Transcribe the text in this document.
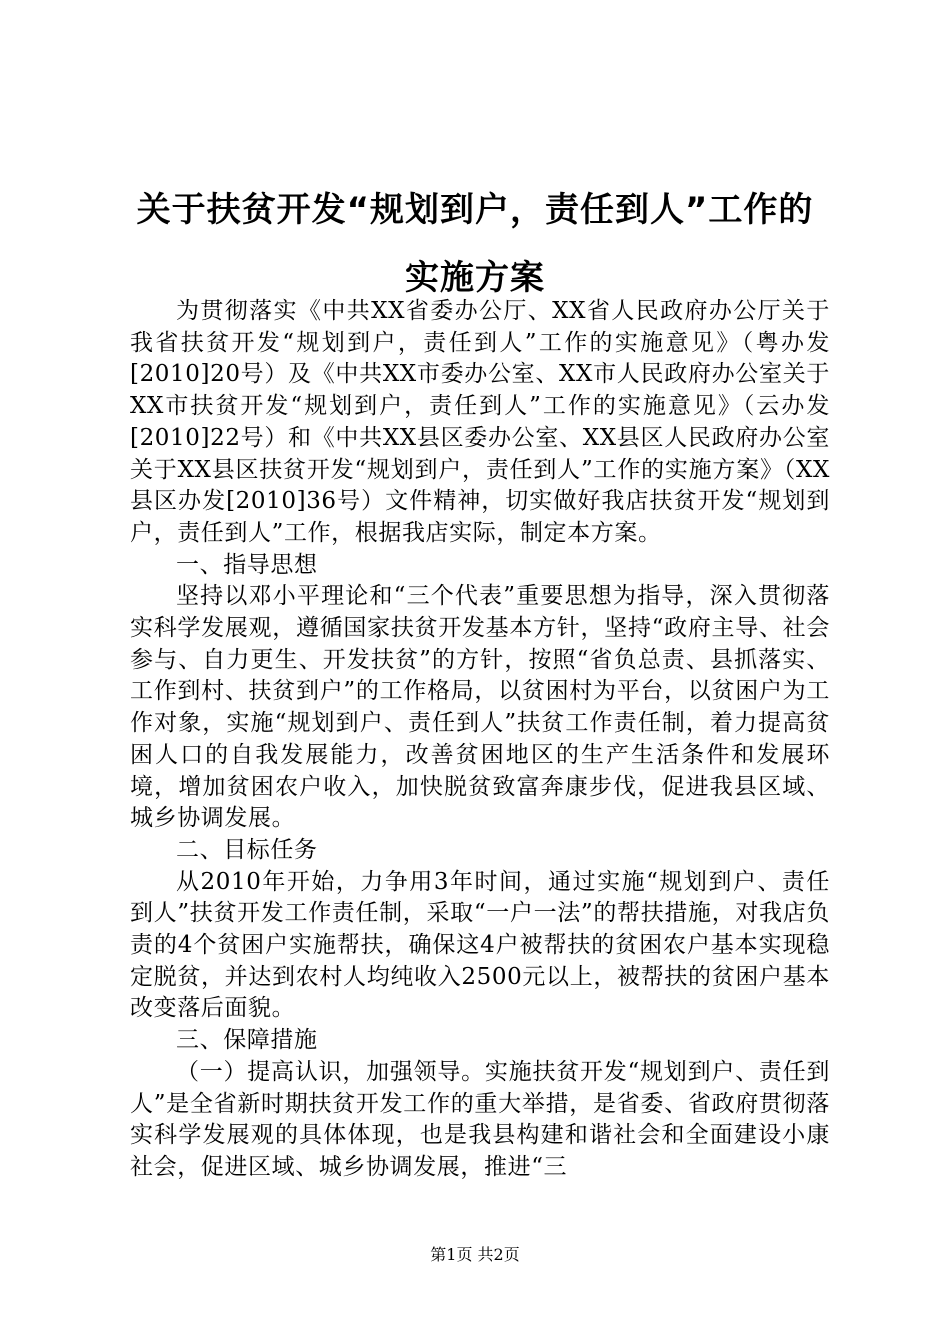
关于扶贫开发“规划到户，责任到人”工作的
实施方案

为贯彻落实《中共XX省委办公厅、XX省人民政府办公厅关于我省扶贫开发“规划到户，责任到人”工作的实施意见》（粤办发[2010]20号）及《中共XX市委办公室、XX市人民政府办公室关于XX市扶贫开发“规划到户，责任到人”工作的实施意见》（云办发[2010]22号）和《中共XX县区委办公室、XX县区人民政府办公室关于XX县区扶贫开发“规划到户，责任到人”工作的实施方案》（XX县区办发[2010]36号）文件精神，切实做好我店扶贫开发“规划到户，责任到人”工作，根据我店实际，制定本方案。

一、指导思想

坚持以邓小平理论和“三个代表”重要思想为指导，深入贯彻落实科学发展观，遵循国家扶贫开发基本方针，坚持“政府主导、社会参与、自力更生、开发扶贫”的方针，按照“省负总责、县抓落实、工作到村、扶贫到户”的工作格局，以贫困村为平台，以贫困户为工作对象，实施“规划到户、责任到人”扶贫工作责任制，着力提高贫困人口的自我发展能力，改善贫困地区的生产生活条件和发展环境，增加贫困农户收入，加快脱贫致富奔康步伐，促进我县区域、城乡协调发展。

二、目标任务

从2010年开始，力争用3年时间，通过实施“规划到户、责任到人”扶贫开发工作责任制，采取“一户一法”的帮扶措施，对我店负责的4个贫困户实施帮扶，确保这4户被帮扶的贫困农户基本实现稳定脱贫，并达到农村人均纯收入2500元以上，被帮扶的贫困户基本改变落后面貌。

三、保障措施

（一）提高认识，加强领导。实施扶贫开发“规划到户、责任到人”是全省新时期扶贫开发工作的重大举措，是省委、省政府贯彻落实科学发展观的具体体现，也是我县构建和谐社会和全面建设小康社会，促进区域、城乡协调发展，推进“三

第1页 共2页
